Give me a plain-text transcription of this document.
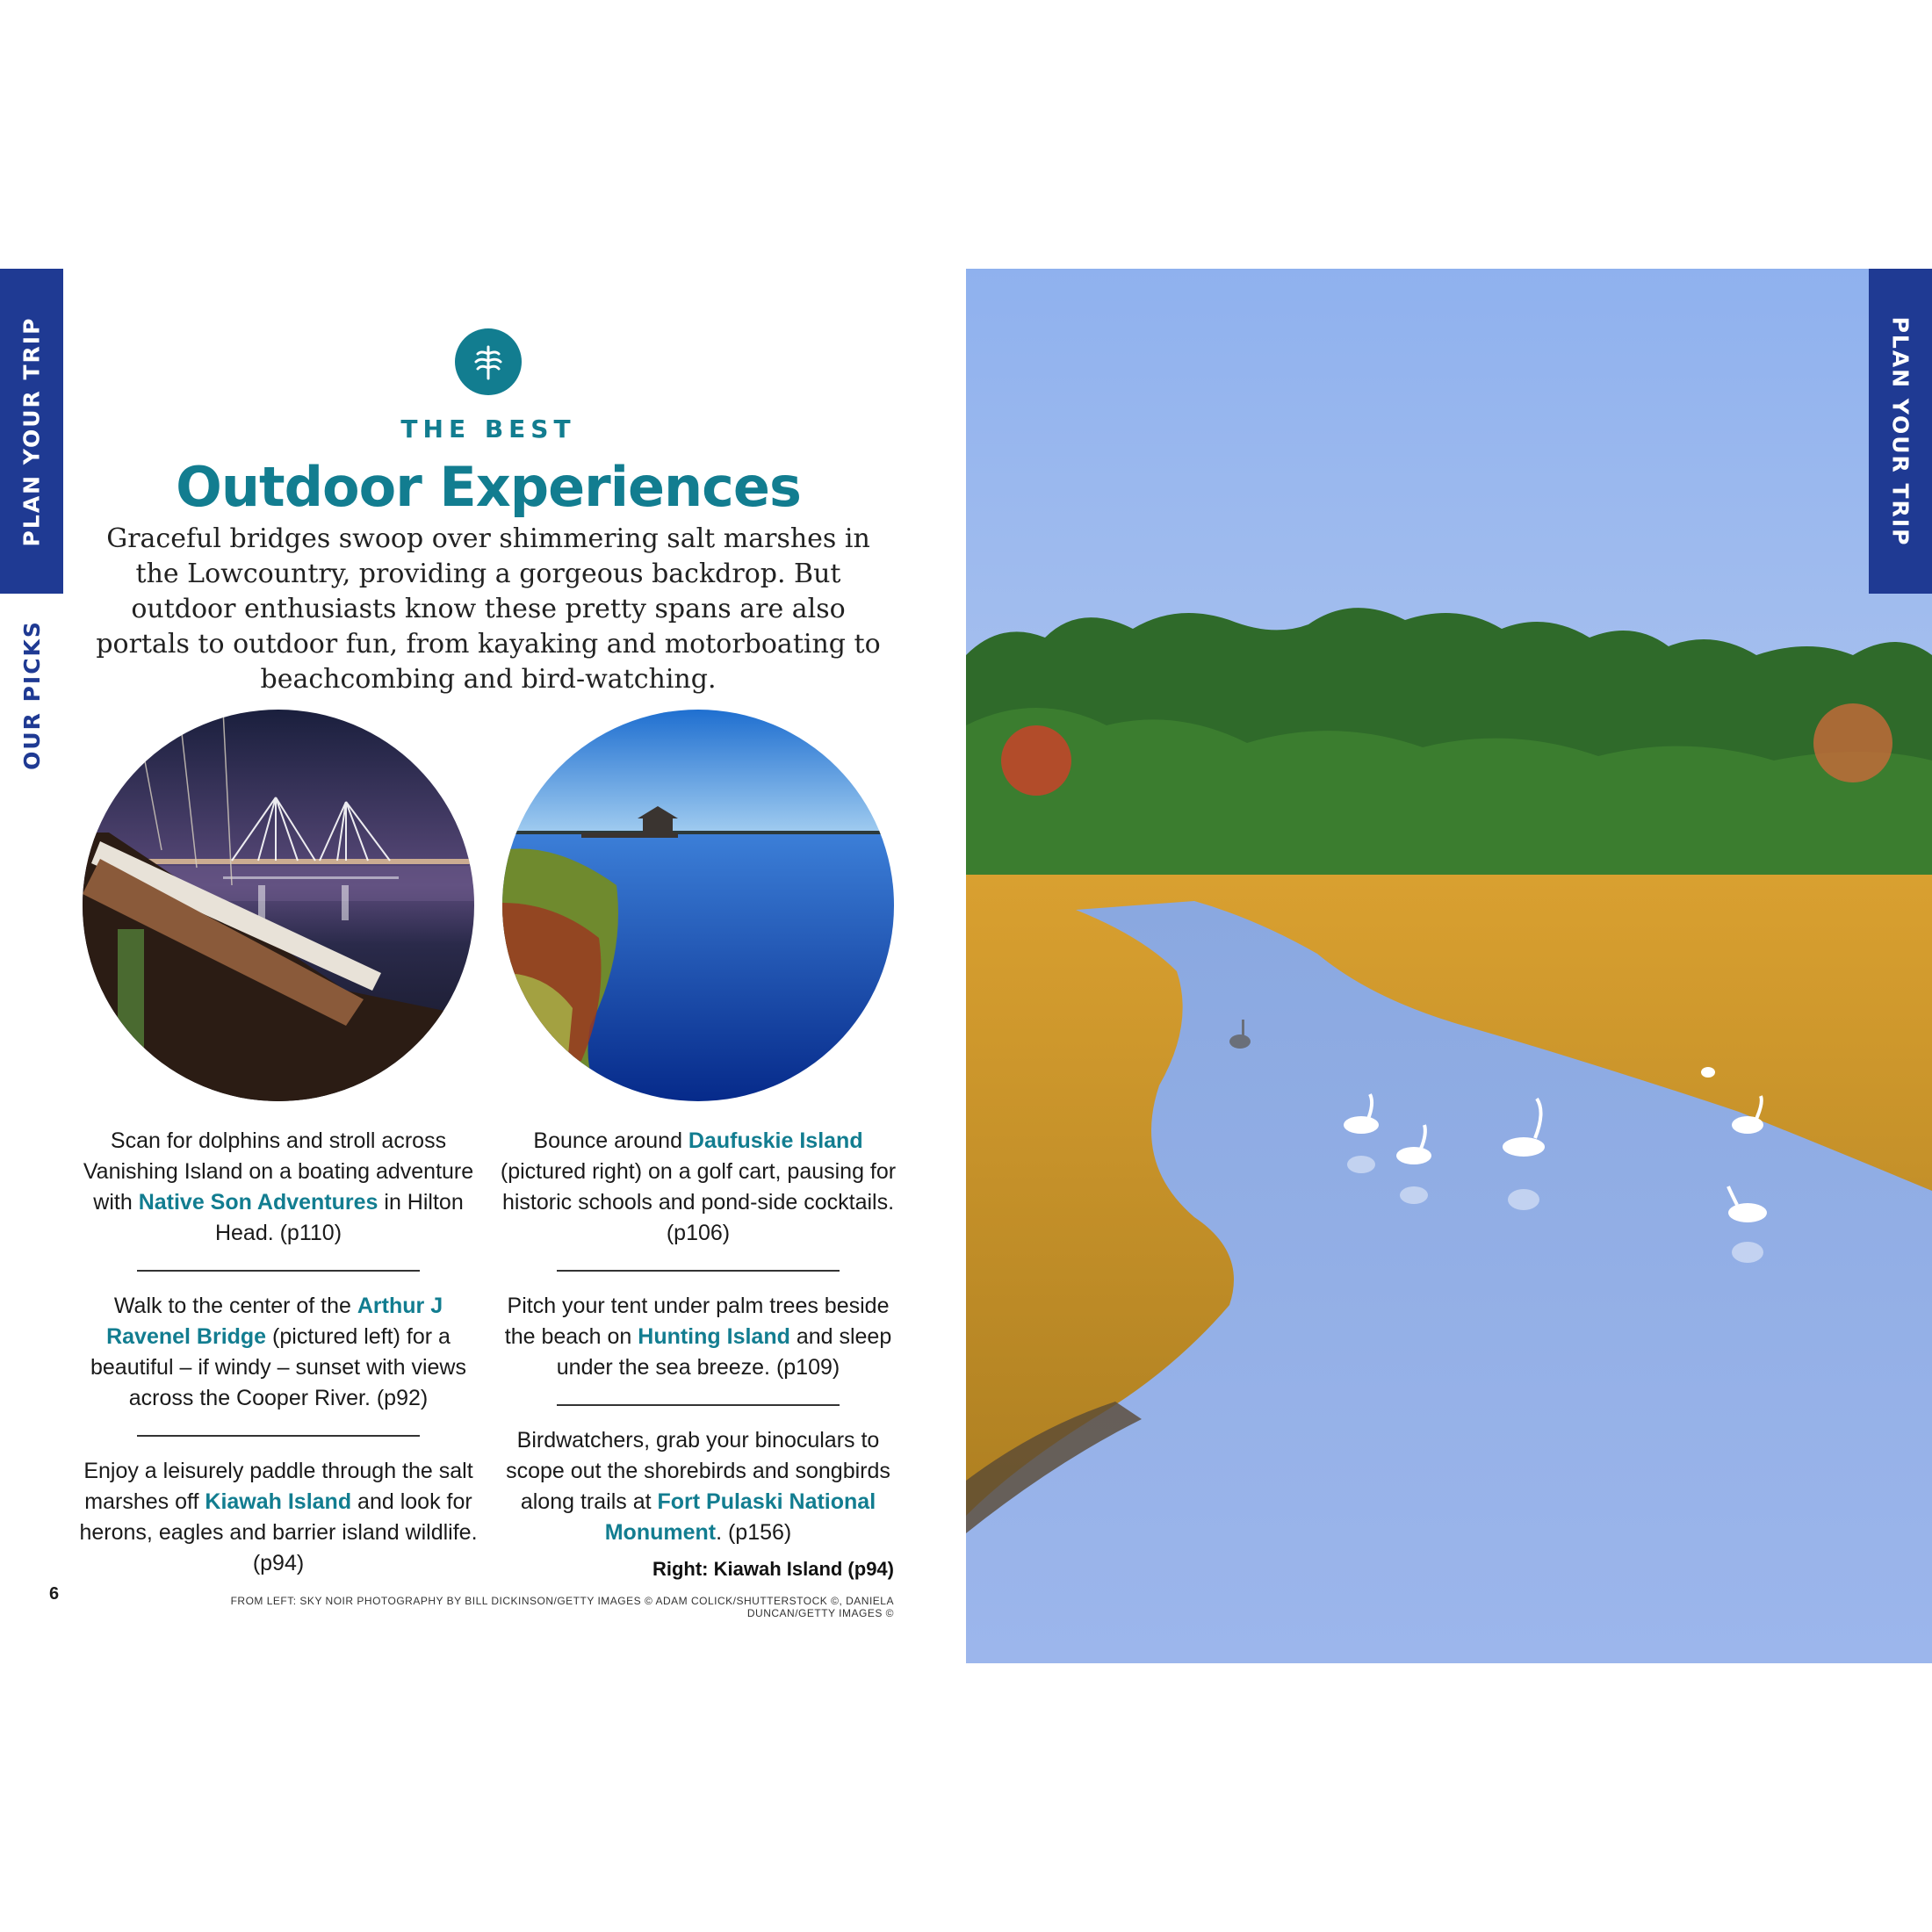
PLAN YOUR TRIP
OUR PICKS
THE BEST
Outdoor Experiences

Graceful bridges swoop over shimmering salt marshes in the Lowcountry, providing a gorgeous backdrop. But outdoor enthusiasts know these pretty spans are also portals to outdoor fun, from kayaking and motorboating to beachcombing and bird-watching.

Scan for dolphins and stroll across Vanishing Island on a boating adventure with Native Son Adventures in Hilton Head. (p110)

Walk to the center of the Arthur J Ravenel Bridge (pictured left) for a beautiful – if windy – sunset with views across the Cooper River. (p92)

Enjoy a leisurely paddle through the salt marshes off Kiawah Island and look for herons, eagles and barrier island wildlife. (p94)

Bounce around Daufuskie Island (pictured right) on a golf cart, pausing for historic schools and pond-side cocktails. (p106)

Pitch your tent under palm trees beside the beach on Hunting Island and sleep under the sea breeze. (p109)

Birdwatchers, grab your binoculars to scope out the shorebirds and songbirds along trails at Fort Pulaski National Monument. (p156)

Right: Kiawah Island (p94)
6	FROM LEFT: SKY NOIR PHOTOGRAPHY BY BILL DICKINSON/GETTY IMAGES © ADAM COLICK/SHUTTERSTOCK ©, DANIELA DUNCAN/GETTY IMAGES ©
PLAN YOUR TRIP
